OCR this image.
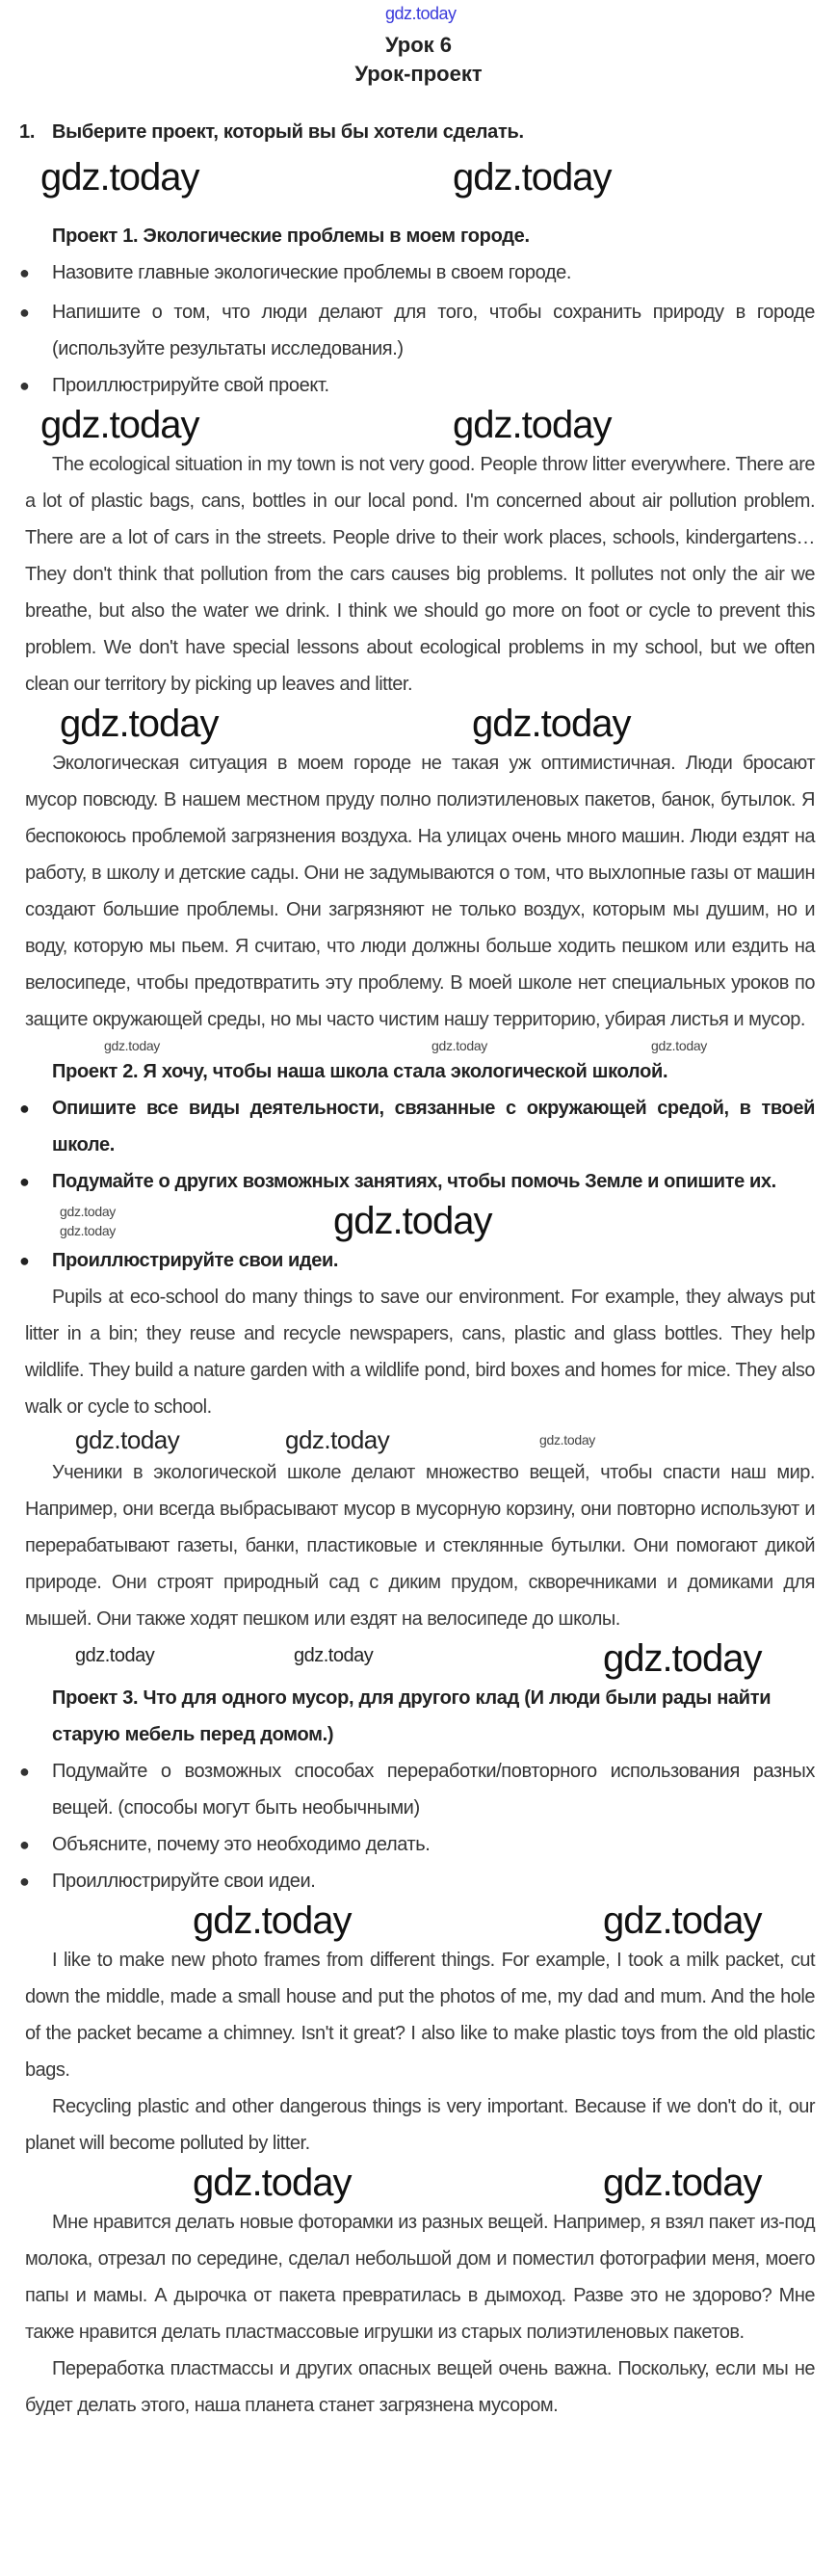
gdz.today
Урок 6
Урок-проект
1. Выберите проект, который вы бы хотели сделать.
gdz.today	gdz.today
Проект 1. Экологические проблемы в моем городе.
●	Назовите главные экологические проблемы в своем городе.
●	Напишите о том, что люди делают для того, чтобы сохранить природу в городе (используйте результаты исследования.)
●	Проиллюстрируйте свой проект.
gdz.today	gdz.today
The ecological situation in my town is not very good. People throw litter everywhere. There are a lot of plastic bags, cans, bottles in our local pond. I'm concerned about air pollution problem. There are a lot of cars in the streets. People drive to their work places, schools, kindergartens…They don't think that pollution from the cars causes big problems. It pollutes not only the air we breathe, but also the water we drink. I think we should go more on foot or cycle to prevent this problem. We don't have special lessons about ecological problems in my school, but we often clean our territory by picking up leaves and litter.
gdz.today	gdz.today
Экологическая ситуация в моем городе не такая уж оптимистичная. Люди бросают мусор повсюду. В нашем местном пруду полно полиэтиленовых пакетов, банок, бутылок. Я беспокоюсь проблемой загрязнения воздуха. На улицах очень много машин. Люди ездят на работу, в школу и детские сады. Они не задумываются о том, что выхлопные газы от машин создают большие проблемы. Они загрязняют не только воздух, которым мы душим, но и воду, которую мы пьем. Я считаю, что люди должны больше ходить пешком или ездить на велосипеде, чтобы предотвратить эту проблему. В моей школе нет специальных уроков по защите окружающей среды, но мы часто чистим нашу территорию, убирая листья и мусор.
gdz.today	gdz.today	gdz.today
Проект 2. Я хочу, чтобы наша школа стала экологической школой.
●	Опишите все виды деятельности, связанные с окружающей средой, в твоей школе.
●	Подумайте о других возможных занятиях, чтобы помочь Земле и опишите их.
gdz.today	gdz.today
gdz.today
●	Проиллюстрируйте свои идеи.
Pupils at eco-school do many things to save our environment. For example, they always put litter in a bin; they reuse and recycle newspapers, cans, plastic and glass bottles. They help wildlife. They build a nature garden with a wildlife pond, bird boxes and homes for mice. They also walk or cycle to school.
gdz.today	gdz.today	gdz.today
Ученики в экологической школе делают множество вещей, чтобы спасти наш мир. Например, они всегда выбрасывают мусор в мусорную корзину, они повторно используют и перерабатывают газеты, банки, пластиковые и стеклянные бутылки. Они помогают дикой природе. Они строят природный сад с диким прудом, скворечниками и домиками для мышей. Они также ходят пешком или ездят на велосипеде до школы.
gdz.today	gdz.today	gdz.today
Проект 3. Что для одного мусор, для другого клад (И люди были рады найти старую мебель перед домом.)
●	Подумайте о возможных способах переработки/повторного использования разных вещей. (способы могут быть необычными)
●	Объясните, почему это необходимо делать.
●	Проиллюстрируйте свои идеи.
gdz.today	gdz.today
I like to make new photo frames from different things. For example, I took a milk packet, cut down the middle, made a small house and put the photos of me, my dad and mum. And the hole of the packet became a chimney. Isn't it great? I also like to make plastic toys from the old plastic bags.
Recycling plastic and other dangerous things is very important. Because if we don't do it, our planet will become polluted by litter.
gdz.today	gdz.today
Мне нравится делать новые фоторамки из разных вещей. Например, я взял пакет из-под молока, отрезал по середине, сделал небольшой дом и поместил фотографии меня, моего папы и мамы. А дырочка от пакета превратилась в дымоход. Разве это не здорово? Мне также нравится делать пластмассовые игрушки из старых полиэтиленовых пакетов.
Переработка пластмассы и других опасных вещей очень важна. Поскольку, если мы не будет делать этого, наша планета станет загрязнена мусором.
